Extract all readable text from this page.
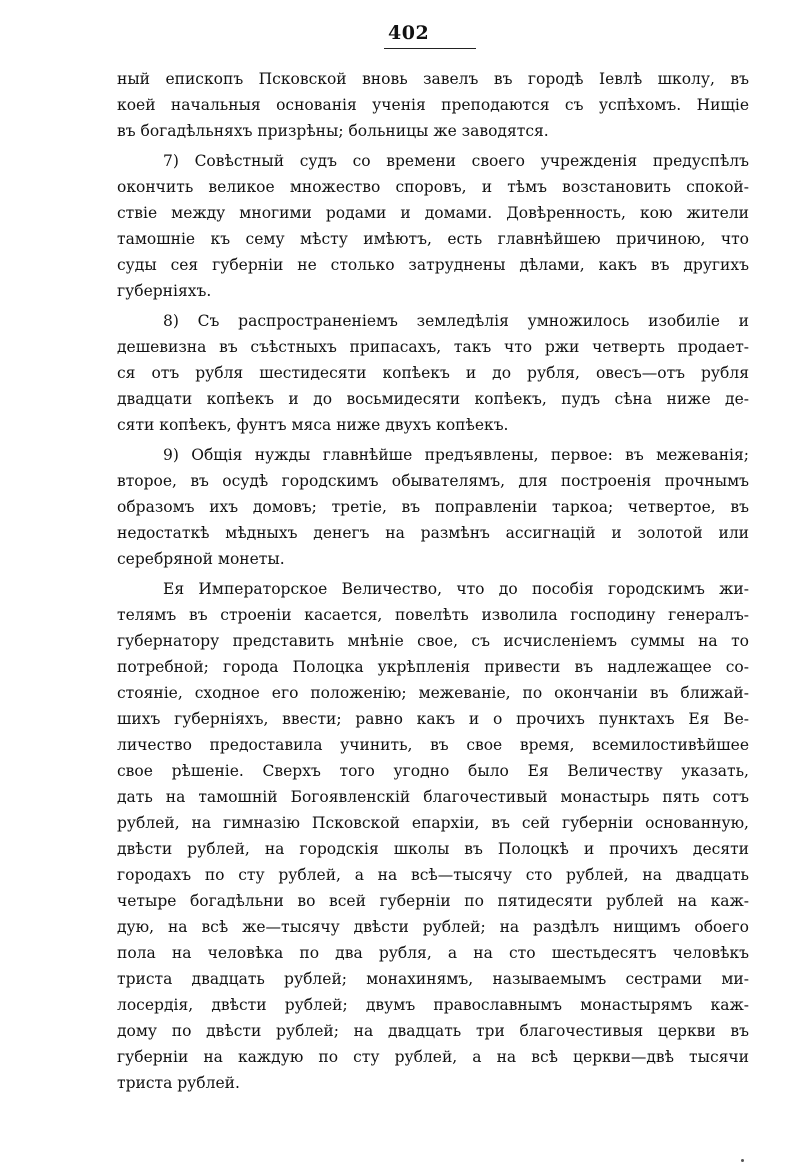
402
ный епископъ Псковской вновь завелъ въ городѣ Іевлѣ школу, въ
коей начальныя основанія ученія преподаются съ успѣхомъ. Нищіе
въ богадѣльняхъ призрѣны; больницы же заводятся.
7) Совѣстный судъ со времени своего учрежденія предуспѣлъ
окончить великое множество споровъ, и тѣмъ возстановить спокой-
ствіе между многими родами и домами. Довѣренность, кою жители
тамошніе къ сему мѣсту имѣютъ, есть главнѣйшею причиною, что
суды сея губерніи не столько затруднены дѣлами, какъ въ другихъ
губерніяхъ.
8) Съ распространеніемъ земледѣлія умножилось изобиліе и
дешевизна въ съѣстныхъ припасахъ, такъ что ржи четверть продает-
ся отъ рубля шестидесяти копѣекъ и до рубля, овесъ—отъ рубля
двадцати копѣекъ и до восьмидесяти копѣекъ, пудъ сѣна ниже де-
сяти копѣекъ, фунтъ мяса ниже двухъ копѣекъ.
9) Общія нужды главнѣйше предъявлены, первое: въ межеванія;
второе, въ осудѣ городскимъ обывателямъ, для построенія прочнымъ
образомъ ихъ домовъ; третіе, въ поправленіи таркоа; четвертое, въ
недостаткѣ мѣдныхъ денегъ на размѣнъ ассигнацій и золотой или
серебряной монеты.
Ея Императорское Величество, что до пособія городскимъ жи-
телямъ въ строеніи касается, повелѣть изволила господину генералъ-
губернатору представить мнѣніе свое, съ исчисленіемъ суммы на то
потребной; города Полоцка укрѣпленія привести въ надлежащее со-
стояніе, сходное его положенію; межеваніе, по окончаніи въ ближай-
шихъ губерніяхъ, ввести; равно какъ и о прочихъ пунктахъ Ея Ве-
личество предоставила учинить, въ свое время, всемилостивѣйшее
свое рѣшеніе. Сверхъ того угодно было Ея Величеству указать,
дать на тамошній Богоявленскій благочестивый монастырь пять сотъ
рублей, на гимназію Псковской епархіи, въ сей губерніи основанную,
двѣсти рублей, на городскія школы въ Полоцкѣ и прочихъ десяти
городахъ по сту рублей, а на всѣ—тысячу сто рублей, на двадцать
четыре богадѣльни во всей губерніи по пятидесяти рублей на каж-
дую, на всѣ же—тысячу двѣсти рублей; на раздѣлъ нищимъ обоего
пола на человѣка по два рубля, а на сто шестьдесятъ человѣкъ
триста двадцать рублей; монахинямъ, называемымъ сестрами ми-
лосердія, двѣсти рублей; двумъ православнымъ монастырямъ каж-
дому по двѣсти рублей; на двадцать три благочестивыя церкви въ
губерніи на каждую по сту рублей, а на всѣ церкви—двѣ тысячи
триста рублей.
